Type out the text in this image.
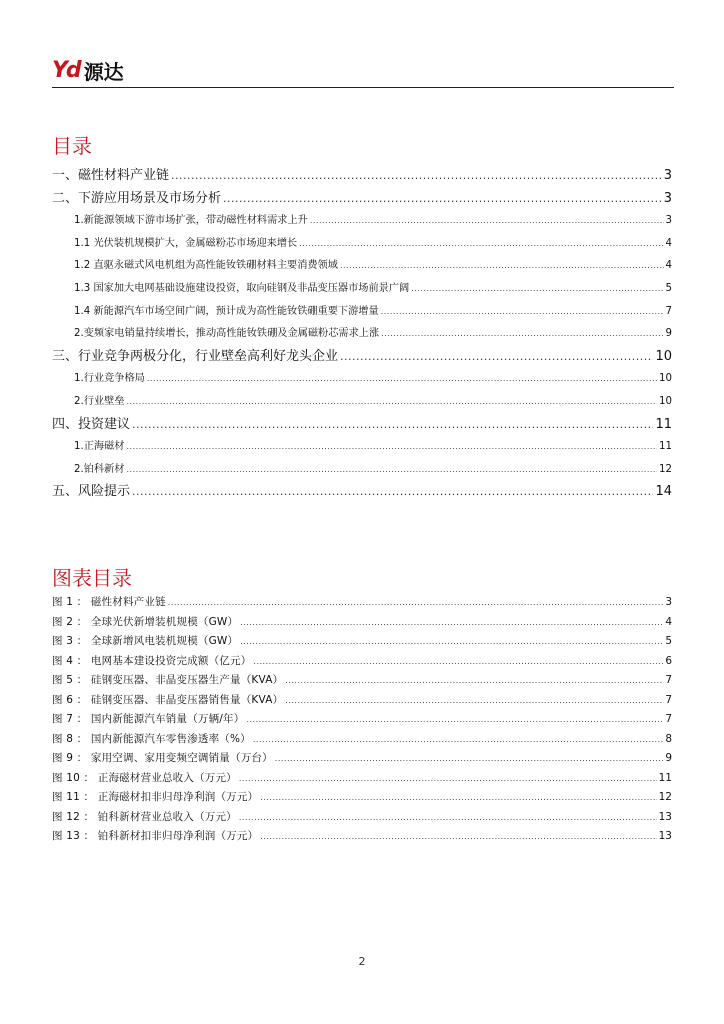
Yd 源达
目录
一、磁性材料产业链 .....	3
二、下游应用场景及市场分析 .....	3
1.新能源领域下游市场扩张，带动磁性材料需求上升 .....	3
1.1 光伏装机规模扩大，金属磁粉芯市场迎来增长 .....	4
1.2 直驱永磁式风电机组为高性能钕铁硼材料主要消费领域 .....	4
1.3 国家加大电网基础设施建设投资，取向硅钢及非晶变压器市场前景广阔 .....	5
1.4 新能源汽车市场空间广阔，预计成为高性能钕铁硼重要下游增量 .....	7
2.变频家电销量持续增长，推动高性能钕铁硼及金属磁粉芯需求上涨 .....	9
三、行业竞争两极分化，行业壁垒高利好龙头企业 .....	10
1.行业竞争格局 .....	10
2.行业壁垒 .....	10
四、投资建议 .....	11
1.正海磁材 .....	11
2.铂科新材 .....	12
五、风险提示 .....	14
图表目录
图 1 ： 磁性材料产业链 .....	3
图 2 ： 全球光伏新增装机规模（GW） .....	4
图 3 ： 全球新增风电装机规模（GW） .....	5
图 4 ： 电网基本建设投资完成额（亿元） .....	6
图 5 ： 硅钢变压器、非晶变压器生产量（KVA） .....	7
图 6 ： 硅钢变压器、非晶变压器销售量（KVA） .....	7
图 7 ： 国内新能源汽车销量（万辆/年） .....	7
图 8 ： 国内新能源汽车零售渗透率（%） .....	8
图 9 ： 家用空调、家用变频空调销量（万台） .....	9
图 10 ： 正海磁材营业总收入（万元） .....	11
图 11 ： 正海磁材扣非归母净利润（万元） .....	12
图 12 ： 铂科新材营业总收入（万元） .....	13
图 13 ： 铂科新材扣非归母净利润（万元） .....	13
2
